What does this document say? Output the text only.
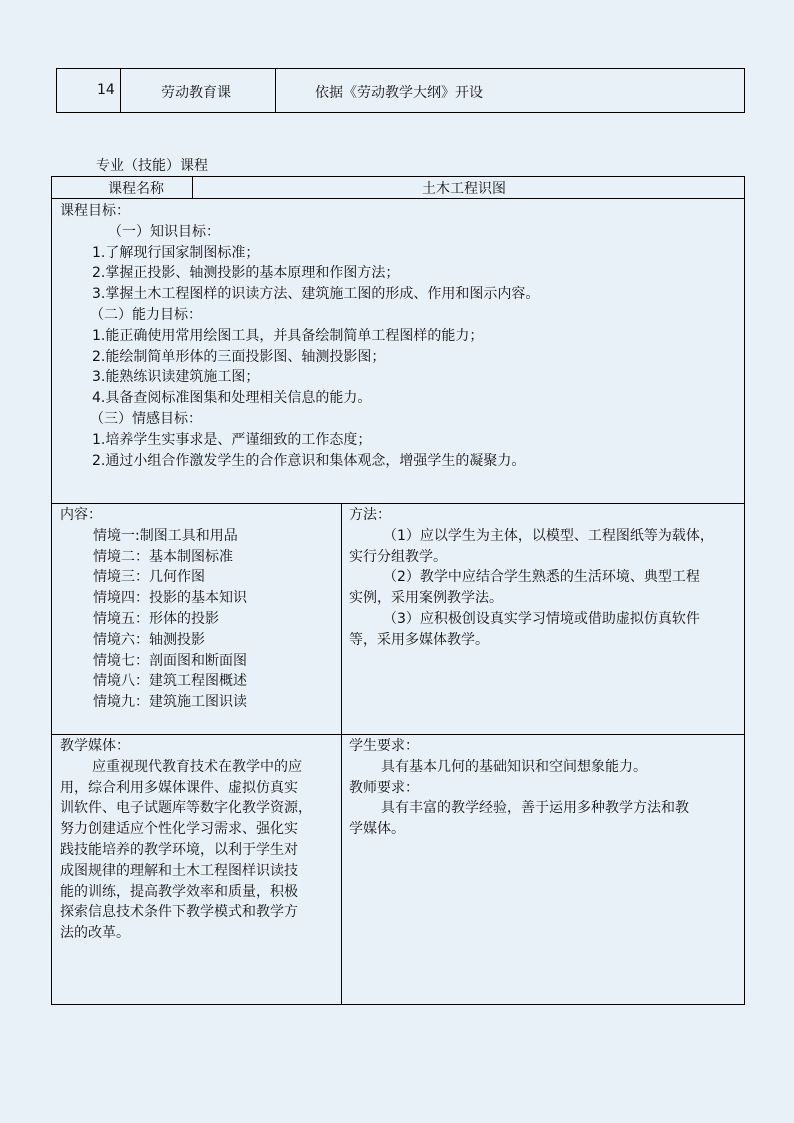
14	劳动教育课	依据《劳动教学大纲》开设
专业（技能）课程
课程名称	土木工程识图
课程目标：
（一）知识目标：
1.了解现行国家制图标准；
2.掌握正投影、轴测投影的基本原理和作图方法；
3.掌握土木工程图样的识读方法、建筑施工图的形成、作用和图示内容。
（二）能力目标：
1.能正确使用常用绘图工具，并具备绘制简单工程图样的能力；
2.能绘制简单形体的三面投影图、轴测投影图；
3.能熟练识读建筑施工图；
4.具备查阅标准图集和处理相关信息的能力。
（三）情感目标：
1.培养学生实事求是、严谨细致的工作态度；
2.通过小组合作激发学生的合作意识和集体观念，增强学生的凝聚力。
内容：
情境一:制图工具和用品
情境二：基本制图标准
情境三：几何作图
情境四：投影的基本知识
情境五：形体的投影
情境六：轴测投影
情境七：剖面图和断面图
情境八：建筑工程图概述
情境九：建筑施工图识读
方法：
（1）应以学生为主体，以模型、工程图纸等为载体，
实行分组教学。
（2）教学中应结合学生熟悉的生活环境、典型工程
实例，采用案例教学法。
（3）应积极创设真实学习情境或借助虚拟仿真软件
等，采用多媒体教学。
教学媒体：
应重视现代教育技术在教学中的应
用，综合利用多媒体课件、虚拟仿真实
训软件、电子试题库等数字化教学资源，
努力创建适应个性化学习需求、强化实
践技能培养的教学环境，以利于学生对
成图规律的理解和土木工程图样识读技
能的训练，提高教学效率和质量，积极
探索信息技术条件下教学模式和教学方
法的改革。
学生要求：
具有基本几何的基础知识和空间想象能力。
教师要求：
具有丰富的教学经验，善于运用多种教学方法和教
学媒体。
